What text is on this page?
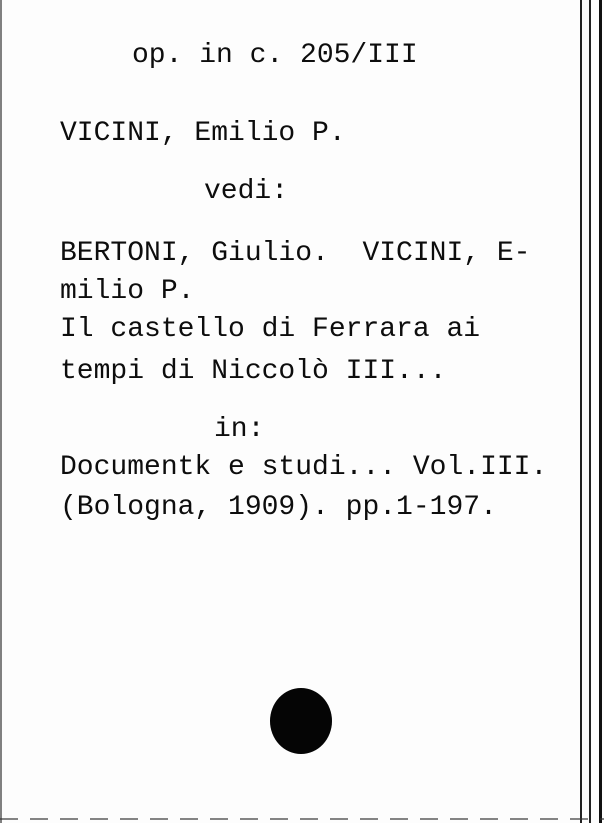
op. in c. 205/III

VICINI, Emilio P.

vedi:

BERTONI, Giulio.  VICINI, E-

milio P.

Il castello di Ferrara ai

tempi di Niccolò III...

in:

Documentk e studi... Vol.III.

(Bologna, 1909). pp.1-197.
